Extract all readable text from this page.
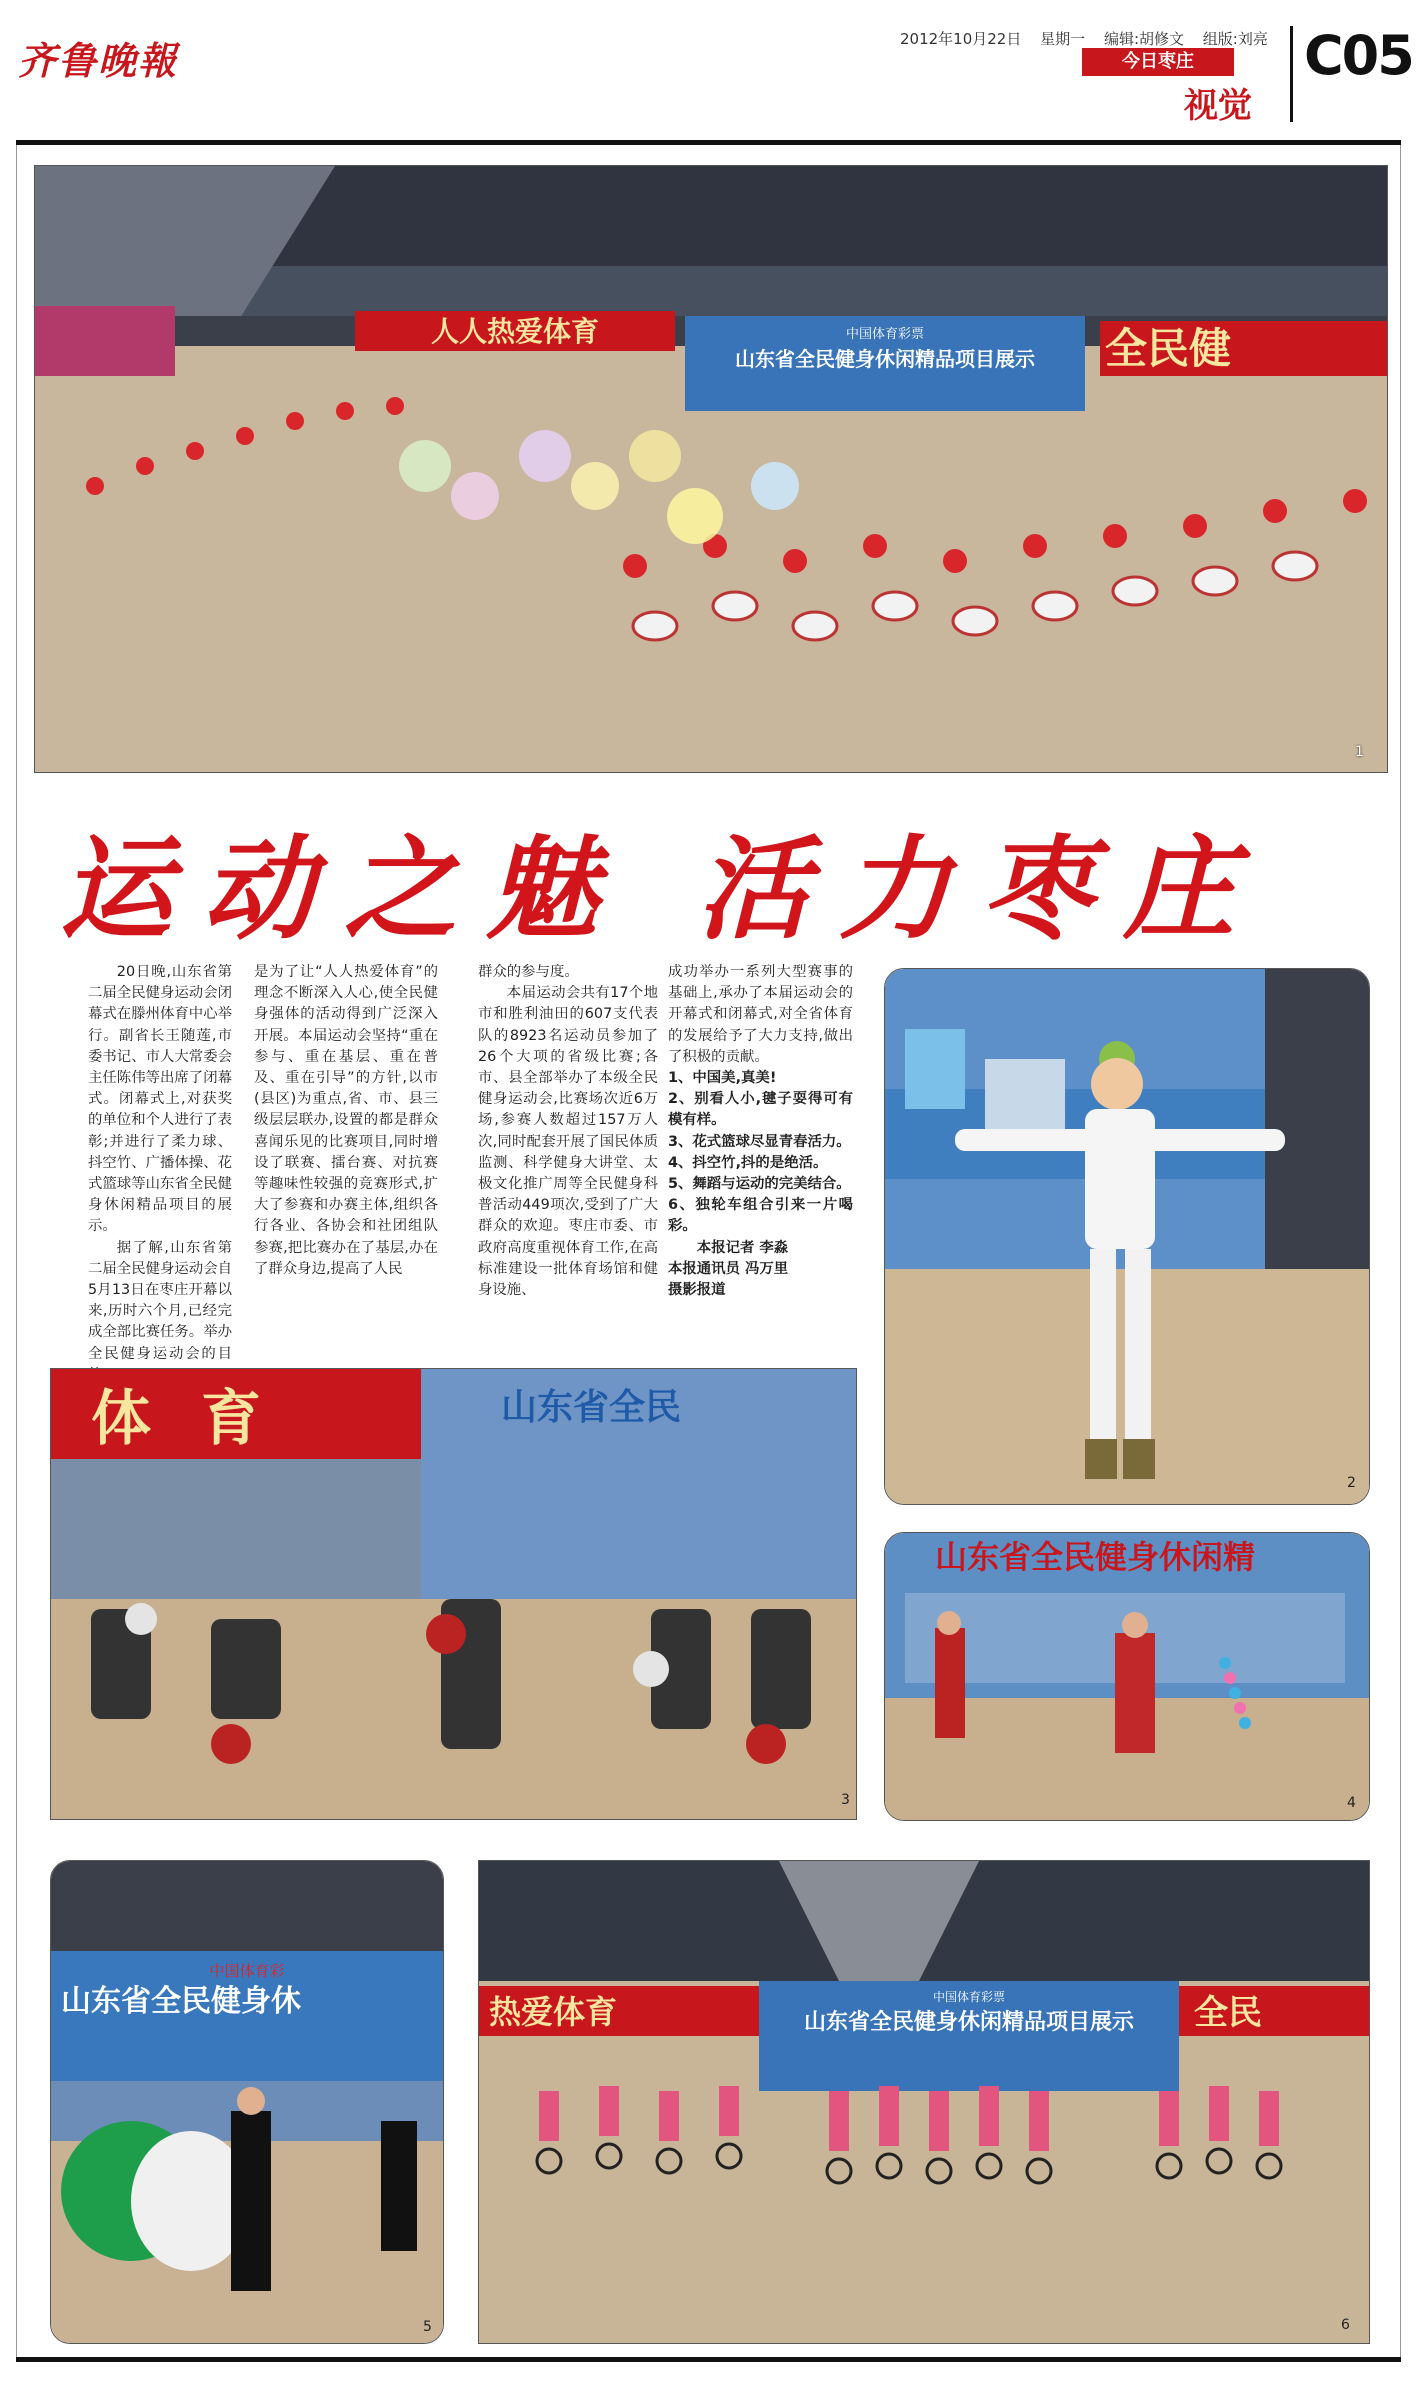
齐鲁晚報	2012年10月22日 星期一 编辑:胡修文 组版:刘亮
今日枣庄
视觉
C05
人人热爱体育	中国体育彩票
山东省全民健身休闲精品项目展示 全民健
1
运动之魅 活力枣庄

20日晚,山东省第二届全民健身运动会闭幕式在滕州体育中心举行。副省长王随莲,市委书记、市人大常委会主任陈伟等出席了闭幕式。闭幕式上,对获奖的单位和个人进行了表彰;并进行了柔力球、抖空竹、广播体操、花式篮球等山东省全民健身休闲精品项目的展示。

据了解,山东省第二届全民健身运动会自5月13日在枣庄开幕以来,历时六个月,已经完成全部比赛任务。举办全民健身运动会的目

是为了让“人人热爱体育”的理念不断深入人心,使全民健身强体的活动得到广泛深入开展。本届运动会坚持“重在参与、重在基层、重在普及、重在引导”的方针,以市(县区)为重点,省、市、县三级层层联办,设置的都是群众喜闻乐见的比赛项目,同时增设了联赛、擂台赛、对抗赛等趣味性较强的竞赛形式,扩大了参赛和办赛主体,组织各行各业、各协会和社团组队参赛,把比赛办在了基层,办在了群众身边,提高了人民

群众的参与度。

本届运动会共有17个地市和胜利油田的607支代表队的8923名运动员参加了26个大项的省级比赛;各市、县全部举办了本级全民健身运动会,比赛场次近6万场,参赛人数超过157万人次,同时配套开展了国民体质监测、科学健身大讲堂、太极文化推广周等全民健身科普活动449项次,受到了广大群众的欢迎。枣庄市委、市政府高度重视体育工作,在高标准建设一批体育场馆和健身设施、

成功举办一系列大型赛事的基础上,承办了本届运动会的开幕式和闭幕式,对全省体育的发展给予了大力支持,做出了积极的贡献。

1、中国美,真美!

2、别看人小,毽子耍得可有模有样。

3、花式篮球尽显青春活力。

4、抖空竹,抖的是绝活。

5、舞蹈与运动的完美结合。

6、独轮车组合引来一片喝彩。

本报记者 李淼

本报通讯员 冯万里

摄影报道

2
体育	山东省全民
3
山东省全民健身休闲精
4
中国体育彩
山东省全民健身休
5
热爱体育	中国体育彩票
山东省全民健身休闲精品项目展示 全民
6
